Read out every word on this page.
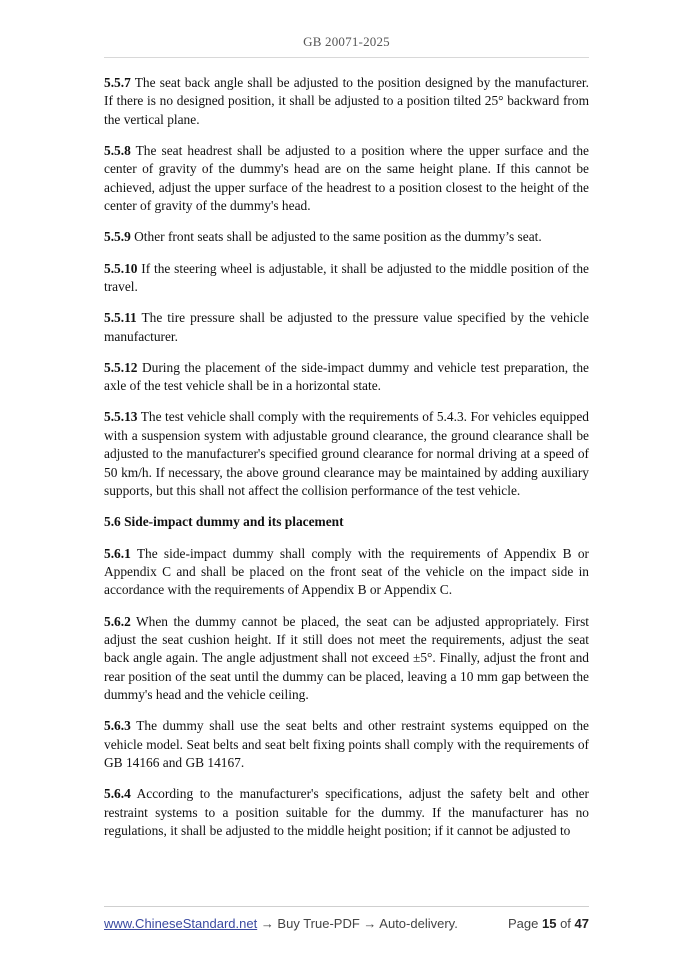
GB 20071-2025

5.5.7 The seat back angle shall be adjusted to the position designed by the manufacturer. If there is no designed position, it shall be adjusted to a position tilted 25° backward from the vertical plane.

5.5.8 The seat headrest shall be adjusted to a position where the upper surface and the center of gravity of the dummy's head are on the same height plane. If this cannot be achieved, adjust the upper surface of the headrest to a position closest to the height of the center of gravity of the dummy's head.

5.5.9 Other front seats shall be adjusted to the same position as the dummy’s seat.

5.5.10 If the steering wheel is adjustable, it shall be adjusted to the middle position of the travel.

5.5.11 The tire pressure shall be adjusted to the pressure value specified by the vehicle manufacturer.

5.5.12 During the placement of the side-impact dummy and vehicle test preparation, the axle of the test vehicle shall be in a horizontal state.

5.5.13 The test vehicle shall comply with the requirements of 5.4.3. For vehicles equipped with a suspension system with adjustable ground clearance, the ground clearance shall be adjusted to the manufacturer's specified ground clearance for normal driving at a speed of 50 km/h. If necessary, the above ground clearance may be maintained by adding auxiliary supports, but this shall not affect the collision performance of the test vehicle.

5.6 Side-impact dummy and its placement

5.6.1 The side-impact dummy shall comply with the requirements of Appendix B or Appendix C and shall be placed on the front seat of the vehicle on the impact side in accordance with the requirements of Appendix B or Appendix C.

5.6.2 When the dummy cannot be placed, the seat can be adjusted appropriately. First adjust the seat cushion height. If it still does not meet the requirements, adjust the seat back angle again. The angle adjustment shall not exceed ±5°. Finally, adjust the front and rear position of the seat until the dummy can be placed, leaving a 10 mm gap between the dummy's head and the vehicle ceiling.

5.6.3 The dummy shall use the seat belts and other restraint systems equipped on the vehicle model. Seat belts and seat belt fixing points shall comply with the requirements of GB 14166 and GB 14167.

5.6.4 According to the manufacturer's specifications, adjust the safety belt and other restraint systems to a position suitable for the dummy. If the manufacturer has no regulations, it shall be adjusted to the middle height position; if it cannot be adjusted to

www.ChineseStandard.net → Buy True-PDF → Auto-delivery.	Page 15 of 47
